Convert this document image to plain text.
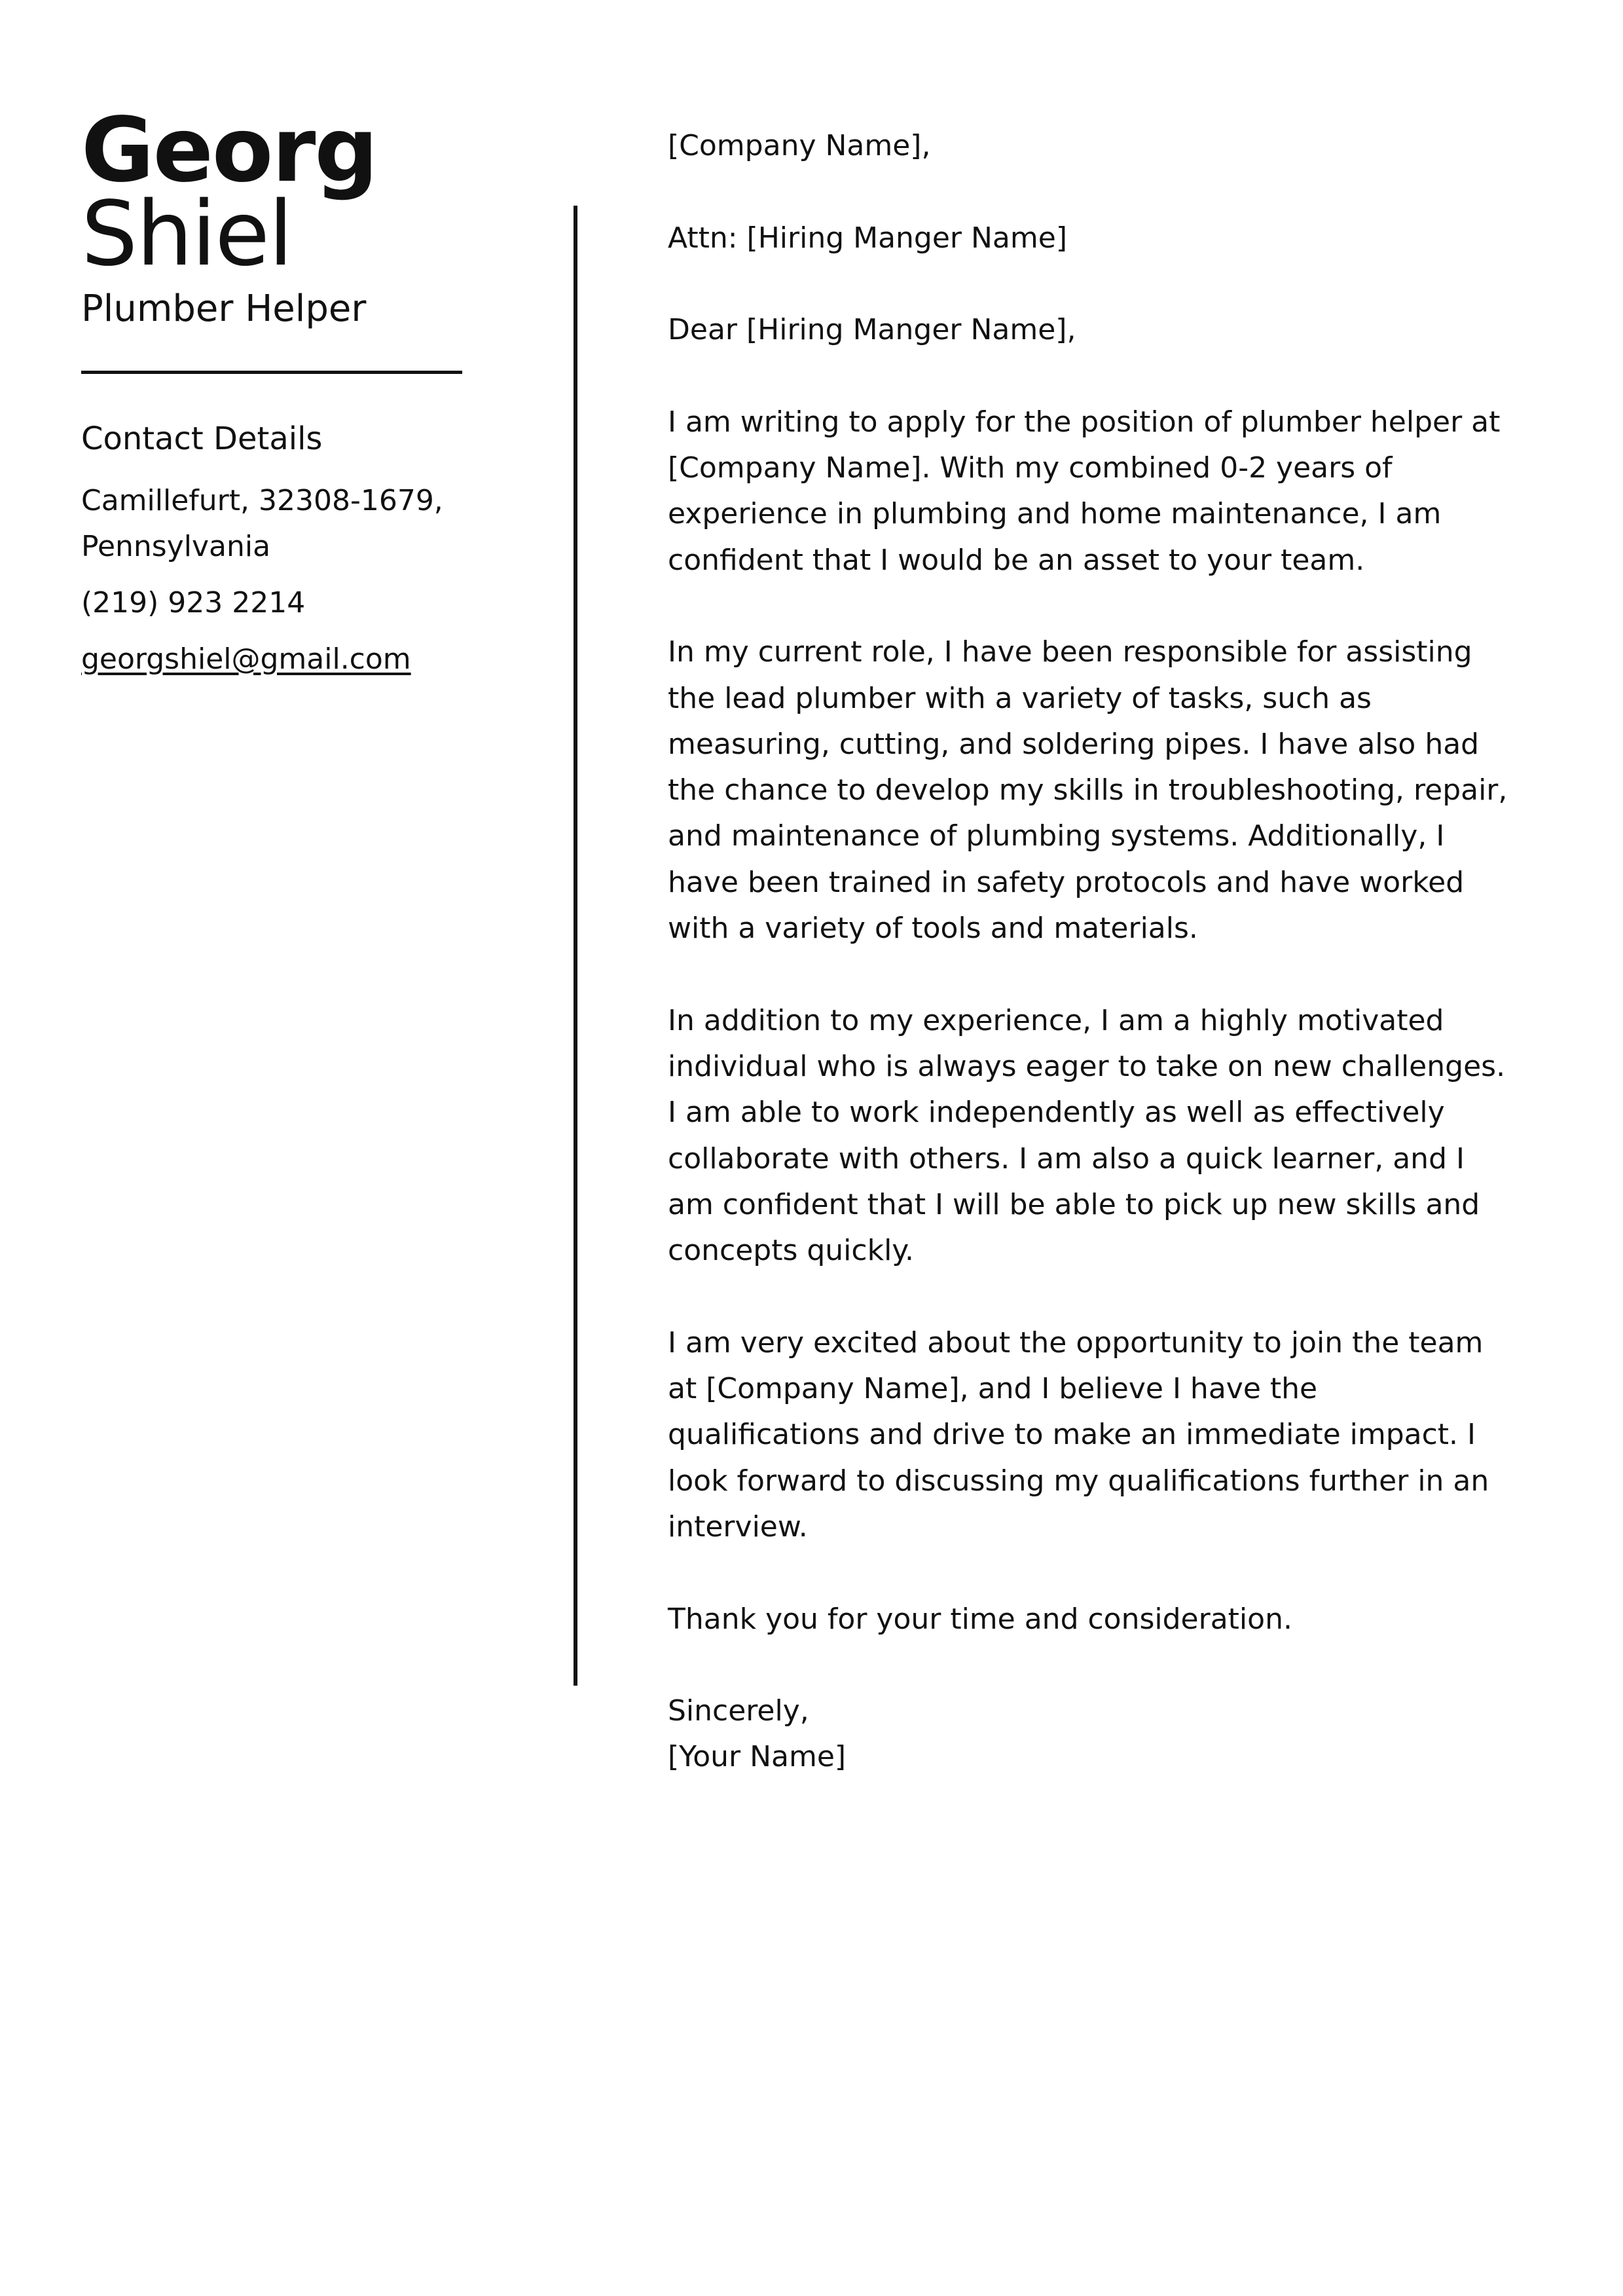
Georg
Shiel
Plumber Helper
Contact Details
Camillefurt, 32308-1679, Pennsylvania
(219) 923 2214
georgshiel@gmail.com

[Company Name],

Attn: [Hiring Manger Name]

Dear [Hiring Manger Name],

I am writing to apply for the position of plumber helper at [Company Name]. With my combined 0-2 years of experience in plumbing and home maintenance, I am confident that I would be an asset to your team.

In my current role, I have been responsible for assisting the lead plumber with a variety of tasks, such as measuring, cutting, and soldering pipes. I have also had the chance to develop my skills in troubleshooting, repair, and maintenance of plumbing systems. Additionally, I have been trained in safety protocols and have worked with a variety of tools and materials.

In addition to my experience, I am a highly motivated individual who is always eager to take on new challenges. I am able to work independently as well as effectively collaborate with others. I am also a quick learner, and I am confident that I will be able to pick up new skills and concepts quickly.

I am very excited about the opportunity to join the team at [Company Name], and I believe I have the qualifications and drive to make an immediate impact. I look forward to discussing my qualifications further in an interview.

Thank you for your time and consideration.

Sincerely,

[Your Name]
